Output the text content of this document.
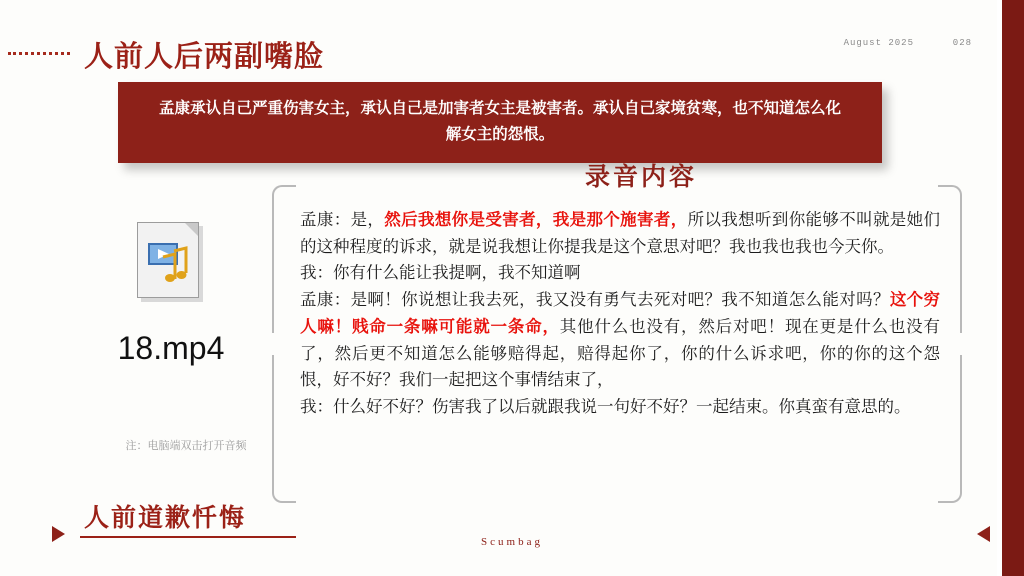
人前人后两副嘴脸	August 2025	028
孟康承认自己严重伤害女主，承认自己是加害者女主是被害者。承认自己家境贫寒，也不知道怎么化解女主的怨恨。
录音内容
孟康：是，然后我想你是受害者，我是那个施害者，所以我想听到你能够不叫就是她们的这种程度的诉求，就是说我想让你提我是这个意思对吧？我也我也我也今天你。
我：你有什么能让我提啊，我不知道啊
孟康：是啊！你说想让我去死，我又没有勇气去死对吧？我不知道怎么能对吗？这个穷人嘛！贱命一条嘛可能就一条命，其他什么也没有，然后对吧！现在更是什么也没有了，然后更不知道怎么能够赔得起，赔得起你了，你的什么诉求吧，你的你的这个怨恨，好不好？我们一起把这个事情结束了，
我：什么好不好？伤害我了以后就跟我说一句好不好？一起结束。你真蛮有意思的。
18.mp4
注：电脑端双击打开音频
人前道歉忏悔
Scumbag
